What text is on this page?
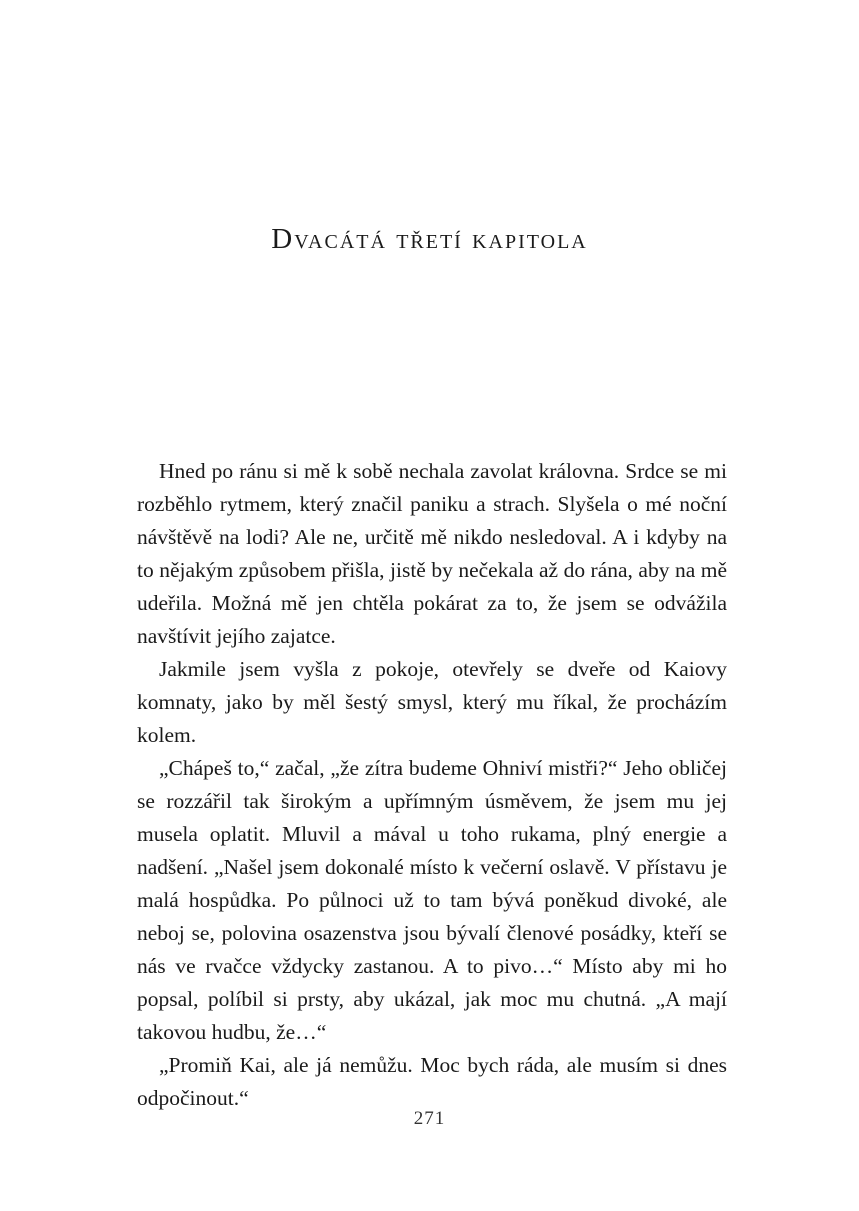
Dvacátá třetí kapitola

Hned po ránu si mě k sobě nechala zavolat královna. Srdce se mi rozběhlo rytmem, který značil paniku a strach. Slyšela o mé noční návštěvě na lodi? Ale ne, určitě mě nikdo nesledoval. A i kdyby na to nějakým způsobem přišla, jistě by nečekala až do rána, aby na mě udeřila. Možná mě jen chtěla pokárat za to, že jsem se odvážila navštívit jejího zajatce.

Jakmile jsem vyšla z pokoje, otevřely se dveře od Kaiovy komnaty, jako by měl šestý smysl, který mu říkal, že procházím kolem.

„Chápeš to,“ začal, „že zítra budeme Ohniví mistři?“ Jeho obličej se rozzářil tak širokým a upřímným úsměvem, že jsem mu jej musela oplatit. Mluvil a mával u toho rukama, plný energie a nadšení. „Našel jsem dokonalé místo k večerní oslavě. V přístavu je malá hospůdka. Po půlnoci už to tam bývá poněkud divoké, ale neboj se, polovina osazenstva jsou bývalí členové posádky, kteří se nás ve rvačce vždycky zastanou. A to pivo…“ Místo aby mi ho popsal, políbil si prsty, aby ukázal, jak moc mu chutná. „A mají takovou hudbu, že…“

„Promiň Kai, ale já nemůžu. Moc bych ráda, ale musím si dnes odpočinout.“

271
